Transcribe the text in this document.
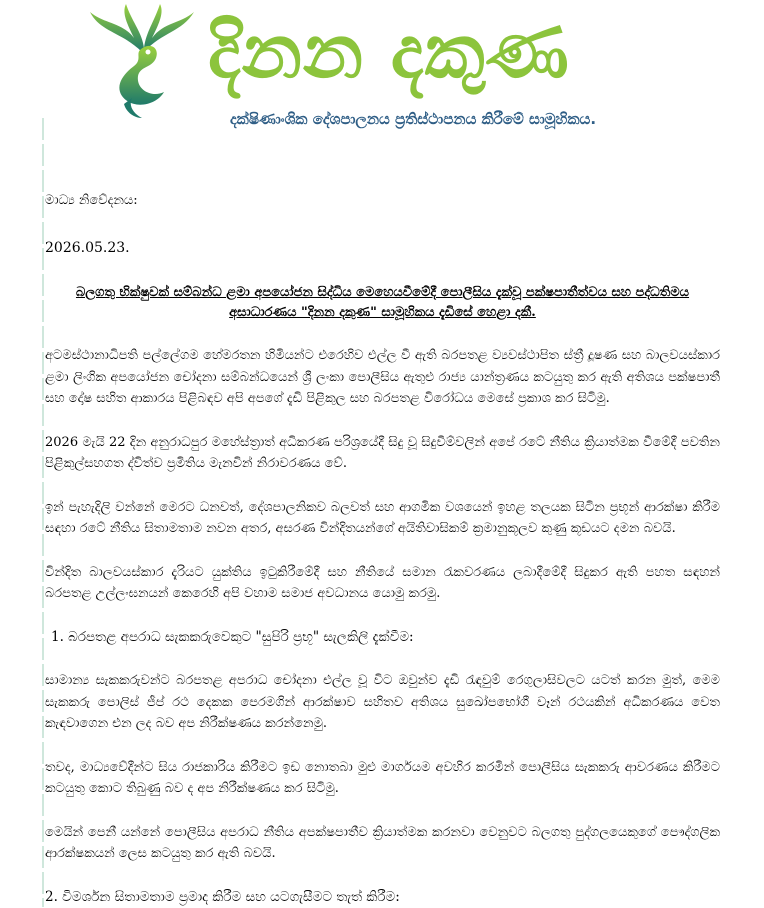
දිනන දකුණ
දක්ෂිණාංශික දේශපාලනය ප්‍රතිස්ථාපනය කිරීමේ සාමූහිකය.

මාධ්‍ය නිවේදනය:

2026.05.23.

බලගතු භික්ෂුවක් සම්බන්ධ ළමා අපයෝජන සිද්ධිය මෙහෙයවීමේදී පොලීසිය දැක්වූ පක්ෂපාතීත්වය සහ පද්ධතිමය අසාධාරණය "දිනන දකුණ" සාමූහිකය දැඩිසේ හෙළා දකී.

අටමස්ථානාධිපති පල්ලේගම හේමරතන හිමියන්ට එරෙහිව එල්ල වී ඇති බරපතළ ව්‍යවස්ථාපිත ස්ත්‍රී දූෂණ සහ බාලවයස්කාර ළමා ලිංගික අපයෝජන චෝදනා සම්බන්ධයෙන් ශ්‍රී ලංකා පොලීසිය ඇතුළු රාජ්‍ය යාන්ත්‍රණය කටයුතු කර ඇති අතිශය පක්ෂපාතී සහ දෝෂ සහිත ආකාරය පිළිබඳව අපි අපගේ දැඩි පිළිකුල සහ බරපතළ විරෝධය මෙසේ ප්‍රකාශ කර සිටිමු.

2026 මැයි 22 දින අනුරාධපුර මහේස්ත්‍රාත් අධිකරණ පරිශ්‍රයේදී සිදු වූ සිදුවීම්වලින් අපේ රටේ නීතිය ක්‍රියාත්මක වීමේදී පවතින පිළිකුල්සහගත ද්විත්ව ප්‍රමිතිය මැනවින් නිරාවරණය වේ.

ඉන් පැහැදිලි වන්නේ මෙරට ධනවත්, දේශපාලනිකව බලවත් සහ ආගමික වශයෙන් ඉහළ තලයක සිටින ප්‍රභූන් ආරක්ෂා කිරීම සඳහා රටේ නීතිය සිතාමතාම නවන අතර, අසරණ වින්දිතයන්ගේ අයිතිවාසිකම් ක්‍රමානුකූලව කුණු කූඩයට දමන බවයි.

වින්දිත බාලවයස්කාර දැරියට යුක්තිය ඉටුකිරීමේදී සහ නීතියේ සමාන රැකවරණය ලබාදීමේදී සිදුකර ඇති පහත සඳහන් බරපතළ උල්ලංඝනයන් කෙරෙහි අපි වහාම සමාජ අවධානය යොමු කරමු.

1. බරපතළ අපරාධ සැකකරුවෙකුට "සුපිරි ප්‍රභූ" සැලකිලි දැක්වීම:

සාමාන්‍ය සැකකරුවන්ට බරපතළ අපරාධ චෝදනා එල්ල වූ විට ඔවුන්ව දැඩි රැඳවුම් රෙගුලාසිවලට යටත් කරන මුත්, මෙම සැකකරු පොලිස් ජීප් රථ දෙකක පෙරමගින් ආරක්ෂාව සහිතව අතිශය සුඛෝපභෝගී වෑන් රථයකින් අධිකරණය වෙත කැඳවාගෙන එන ලද බව අප නිරීක්ෂණය කරන්නෙමු.

තවද, මාධ්‍යවේදීන්ට සිය රාජකාරිය කිරීමට ඉඩ නොතබා මුළු මාර්ගයම අවහිර කරමින් පොලීසිය සැකකරු ආවරණය කිරීමට කටයුතු කොට තිබුණු බව ද අප නිරීක්ෂණය කර සිටිමු.

මෙයින් පෙනී යන්නේ පොලීසිය අපරාධ නීතිය අපක්ෂපාතීව ක්‍රියාත්මක කරනවා වෙනුවට බලගතු පුද්ගලයෙකුගේ පෞද්ගලික ආරක්ෂකයන් ලෙස කටයුතු කර ඇති බවයි.

2. විමර්ශන සිතාමතාම ප්‍රමාද කිරීම සහ යටගැසීමට තැත් කිරීම:
